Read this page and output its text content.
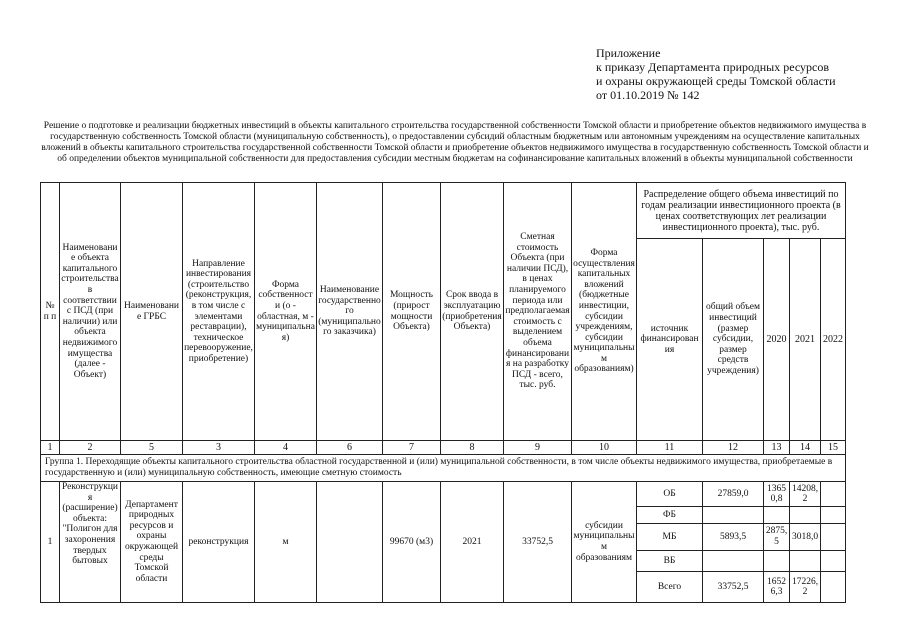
Приложение
к приказу Департамента природных ресурсов
и охраны окружающей среды Томской области
от 01.10.2019 № 142
Решение о подготовке и реализации бюджетных инвестиций в объекты капитального строительства государственной собственности Томской области и приобретение объектов недвижимого имущества в государственную собственность Томской области (муниципальную собственность), о предоставлении субсидий областным бюджетным или автономным учреждениям на осуществление капитальных вложений в объекты капитального строительства государственной собственности Томской области и приобретение объектов недвижимого имущества в государственную собственность Томской области и об определении объектов муниципальной собственности для предоставления субсидии местным бюджетам на софинансирование капитальных вложений в объекты муниципальной собственности
№ п п	Наименование объекта капитального строительства в соответствии с ПСД (при наличии) или объекта недвижимого имущества (далее - Объект)	Наименование ГРБС	Направление инвестирования (строительство (реконструкция, в том числе с элементами реставрации), техническое перевооружение, приобретение)	Форма собственности (о - областная, м - муниципальная)	Наименование государственного (муниципального заказчика)	Мощность (прирост мощности Объекта)	Срок ввода в эксплуатацию (приобретения Объекта)	Сметная стоимость Объекта (при наличии ПСД), в ценах планируемого периода или предполагаемая стоимость с выделением объема финансирования на разработку ПСД - всего, тыс. руб.	Форма осуществления капитальных вложений (бюджетные инвестиции, субсидии учреждениям, субсидии муниципальным образованиям)	Распределение общего объема инвестиций по годам реализации инвестиционного проекта (в ценах соответствующих лет реализации инвестиционного проекта), тыс. руб.				
										источник финансирования	общий объем инвестиций (размер субсидии, размер средств учреждения)	2020	2021	2022
1	2	5	3	4	6	7	8	9	10	11	12	13	14	15
Группа 1. Переходящие объекты капитального строительства областной государственной и (или) муниципальной собственности, в том числе объекты недвижимого имущества, приобретаемые в государственную и (или) муниципальную собственность, имеющие сметную стоимость														
1	Реконструкция (расширение) объекта: "Полигон для захоронения твердых бытовых	Департамент природных ресурсов и охраны окружающей среды Томской области	реконструкция	м		99670 (м3)	2021	33752,5	субсидии муниципальным образованиям	ОБ	27859,0	13650,8	14208,2	
										ФБ				
										МБ	5893,5	2875,5	3018,0	
										ВБ				
										Всего	33752,5	16526,3	17226,2	
